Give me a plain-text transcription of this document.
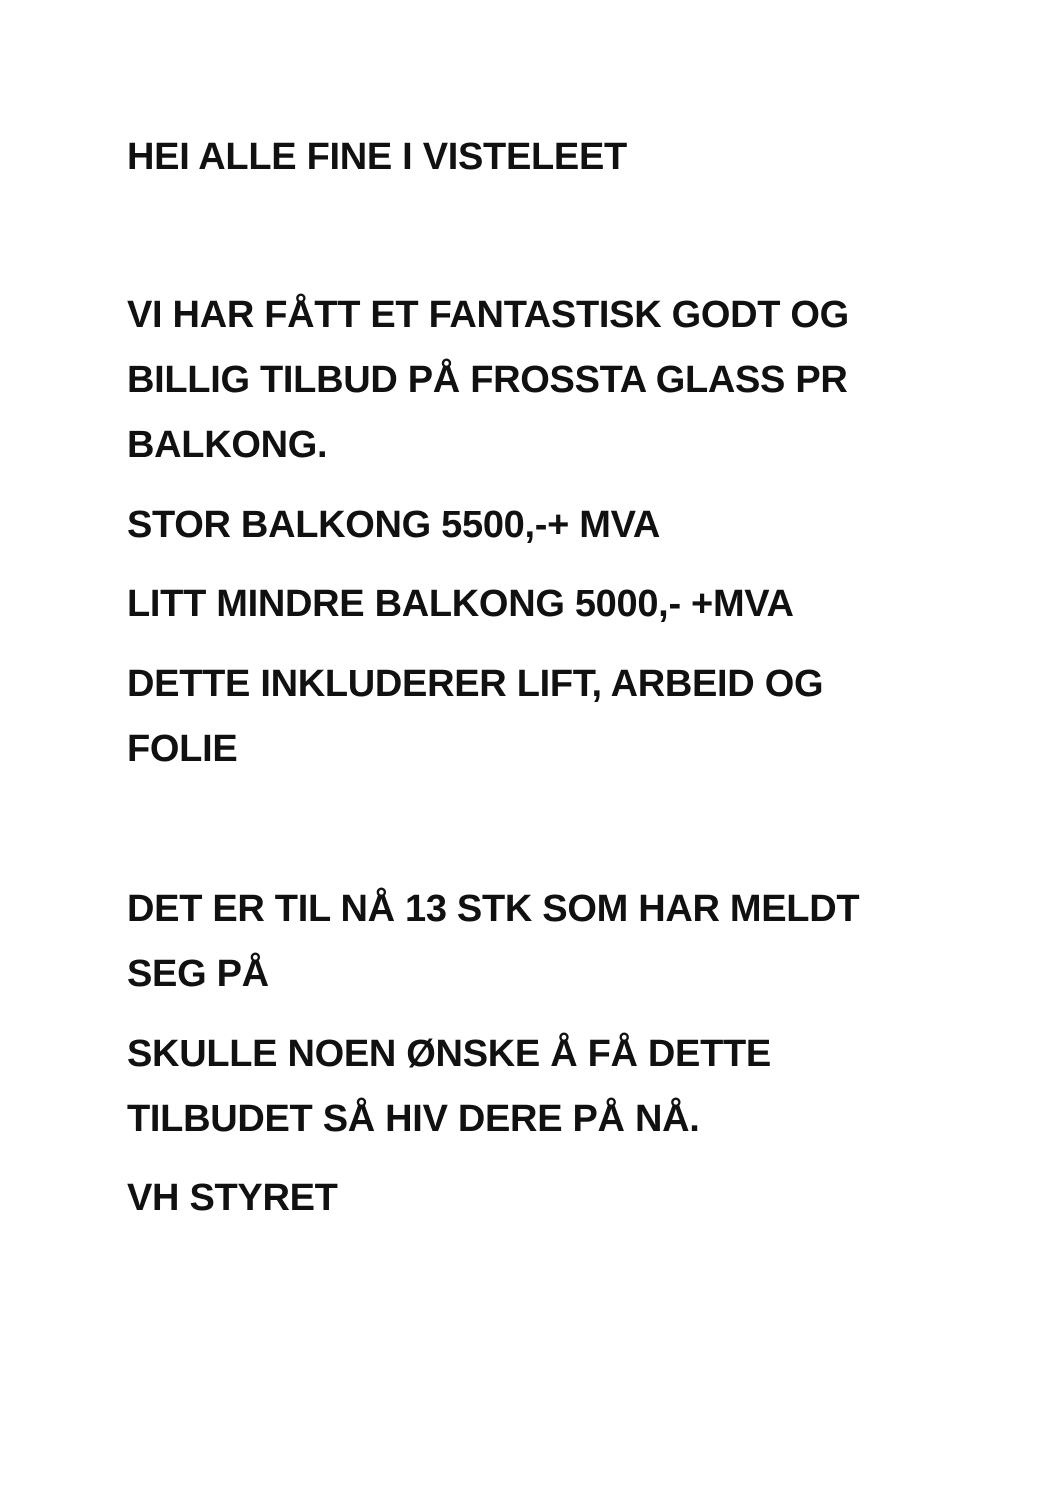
HEI ALLE FINE I VISTELEET

VI HAR FÅTT ET FANTASTISK GODT OG

BILLIG TILBUD PÅ FROSSTA GLASS PR

BALKONG.

STOR BALKONG 5500,-+ MVA

LITT MINDRE BALKONG 5000,- +MVA

DETTE INKLUDERER LIFT, ARBEID OG

FOLIE

DET ER TIL NÅ 13 STK SOM HAR MELDT

SEG PÅ

SKULLE NOEN ØNSKE Å FÅ DETTE

TILBUDET SÅ HIV DERE PÅ NÅ.

VH STYRET
